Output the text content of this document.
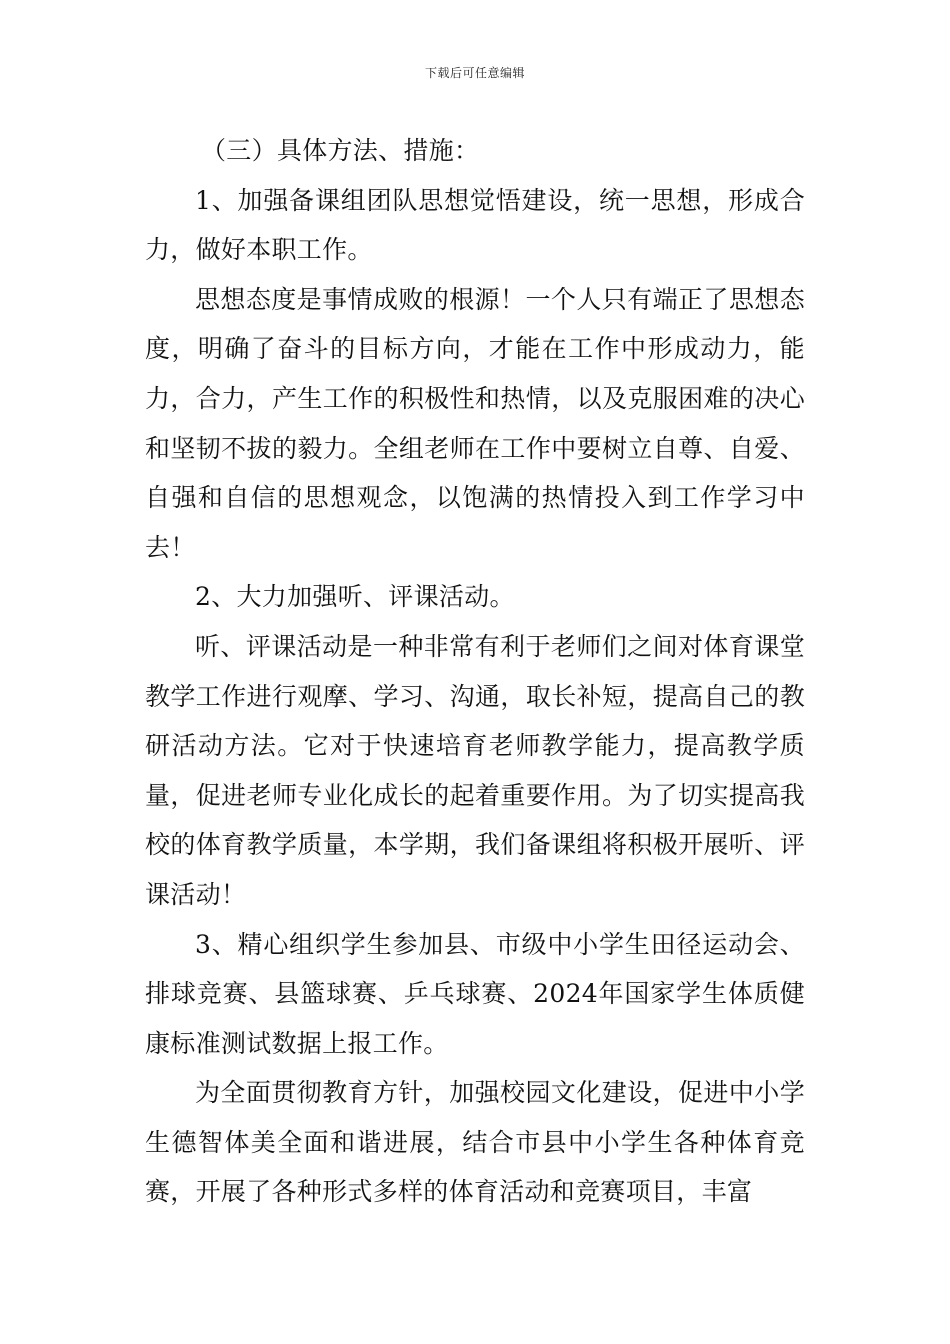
下载后可任意编辑

（三）具体方法、措施：

1、加强备课组团队思想觉悟建设，统一思想，形成合力，做好本职工作。

思想态度是事情成败的根源！一个人只有端正了思想态度，明确了奋斗的目标方向，才能在工作中形成动力，能力，合力，产生工作的积极性和热情，以及克服困难的决心和坚韧不拔的毅力。全组老师在工作中要树立自尊、自爱、自强和自信的思想观念，以饱满的热情投入到工作学习中去！

2、大力加强听、评课活动。

听、评课活动是一种非常有利于老师们之间对体育课堂教学工作进行观摩、学习、沟通，取长补短，提高自己的教研活动方法。它对于快速培育老师教学能力，提高教学质量，促进老师专业化成长的起着重要作用。为了切实提高我校的体育教学质量，本学期，我们备课组将积极开展听、评课活动！

3、精心组织学生参加县、市级中小学生田径运动会、排球竞赛、县篮球赛、乒乓球赛、2024年国家学生体质健康标准测试数据上报工作。

为全面贯彻教育方针，加强校园文化建设，促进中小学生德智体美全面和谐进展，结合市县中小学生各种体育竞赛，开展了各种形式多样的体育活动和竞赛项目，丰富
